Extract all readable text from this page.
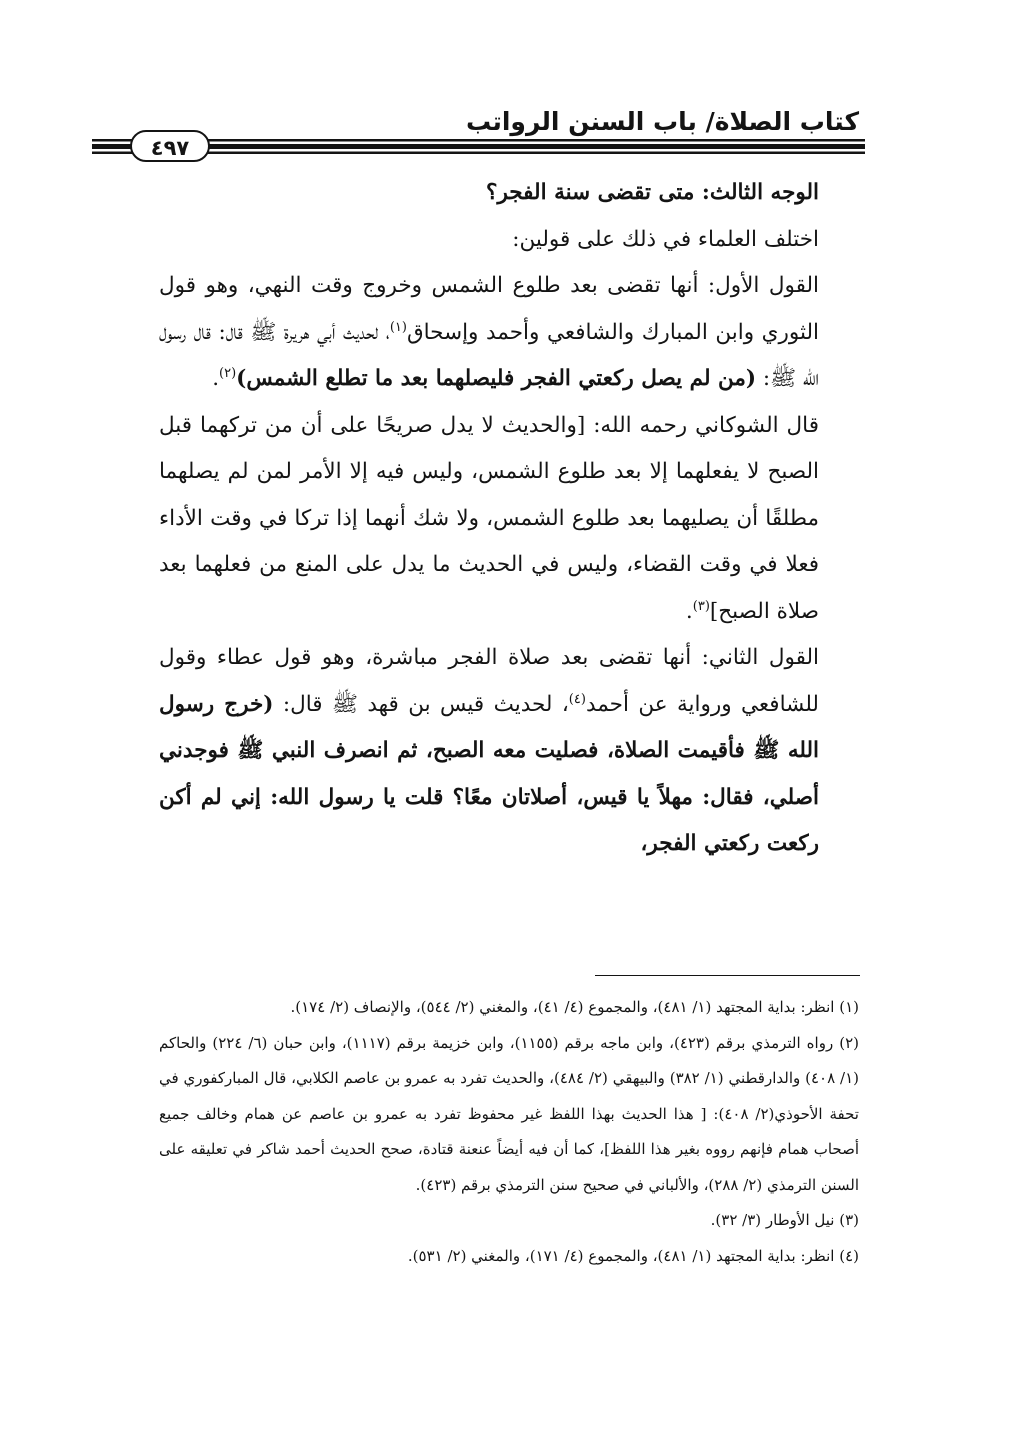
كتاب الصلاة/ باب السنن الرواتب
٤٩٧

الوجه الثالث: متى تقضى سنة الفجر؟

اختلف العلماء في ذلك على قولين:

القول الأول: أنها تقضى بعد طلوع الشمس وخروج وقت النهي، وهو قول الثوري وابن المبارك والشافعي وأحمد وإسحاق$^{(١)}$، لحديث أبي هريرة ﷺ قال: قال رسول الله ﷺ: (من لم يصل ركعتي الفجر فليصلهما بعد ما تطلع الشمس)$^{(٢)}$.

قال الشوكاني رحمه الله: [والحديث لا يدل صريحًا على أن من تركهما قبل الصبح لا يفعلهما إلا بعد طلوع الشمس، وليس فيه إلا الأمر لمن لم يصلهما مطلقًا أن يصليهما بعد طلوع الشمس، ولا شك أنهما إذا تركا في وقت الأداء فعلا في وقت القضاء، وليس في الحديث ما يدل على المنع من فعلهما بعد صلاة الصبح]$^{(٣)}$.

القول الثاني: أنها تقضى بعد صلاة الفجر مباشرة، وهو قول عطاء وقول للشافعي ورواية عن أحمد$^{(٤)}$، لحديث قيس بن قهد ﷺ قال: (خرج رسول الله ﷺ فأقيمت الصلاة، فصليت معه الصبح، ثم انصرف النبي ﷺ فوجدني أصلي، فقال: مهلاً يا قيس، أصلاتان معًا؟ قلت يا رسول الله: إني لم أكن ركعت ركعتي الفجر،

(١) انظر: بداية المجتهد (١/ ٤٨١)، والمجموع (٤/ ٤١)، والمغني (٢/ ٥٤٤)، والإنصاف (٢/ ١٧٤).

(٢) رواه الترمذي برقم (٤٢٣)، وابن ماجه برقم (١١٥٥)، وابن خزيمة برقم (١١١٧)، وابن حبان (٦/ ٢٢٤) والحاكم (١/ ٤٠٨) والدارقطني (١/ ٣٨٢) والبيهقي (٢/ ٤٨٤)، والحديث تفرد به عمرو بن عاصم الكلابي، قال المباركفوري في تحفة الأحوذي(٢/ ٤٠٨): [ هذا الحديث بهذا اللفظ غير محفوظ تفرد به عمرو بن عاصم عن همام وخالف جميع أصحاب همام فإنهم رووه بغير هذا اللفظ]، كما أن فيه أيضاً عنعنة قتادة، صحح الحديث أحمد شاكر في تعليقه على السنن الترمذي (٢/ ٢٨٨)، والألباني في صحيح سنن الترمذي برقم (٤٢٣).

(٣) نيل الأوطار (٣/ ٣٢).

(٤) انظر: بداية المجتهد (١/ ٤٨١)، والمجموع (٤/ ١٧١)، والمغني (٢/ ٥٣١).
